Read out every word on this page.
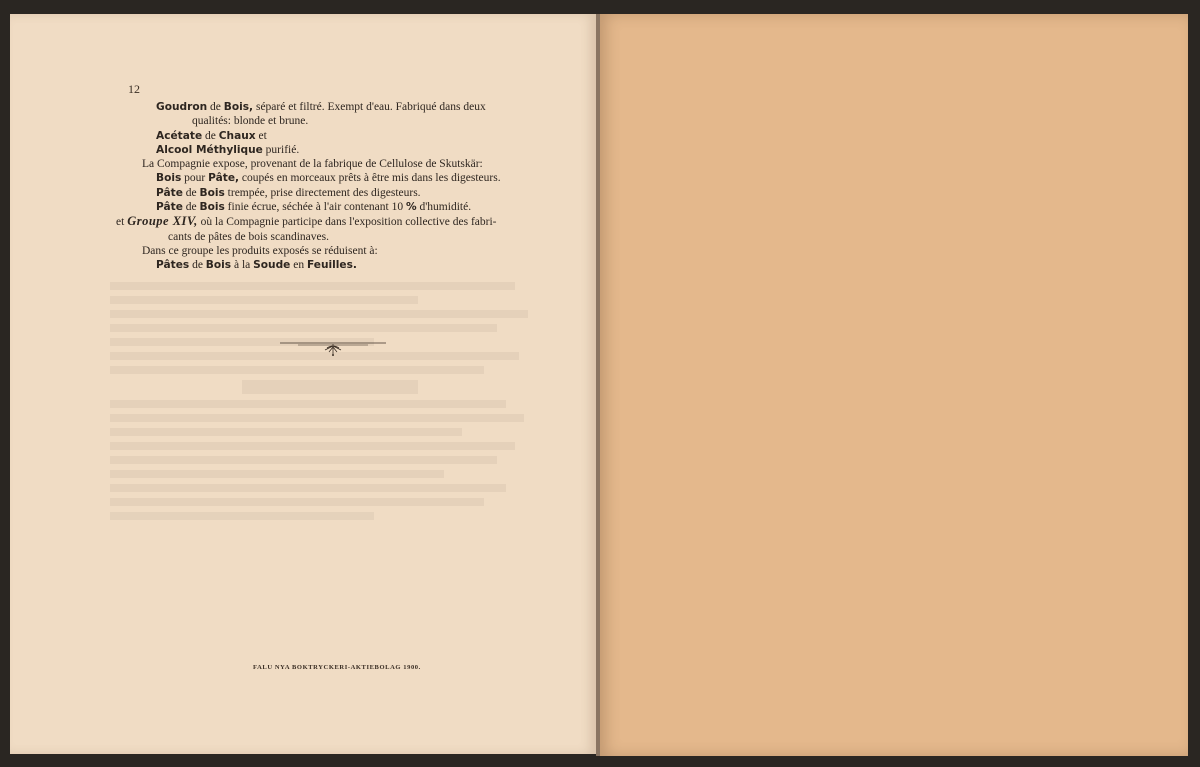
12
Goudron de Bois, séparé et filtré. Exempt d'eau. Fabriqué dans deux
qualités: blonde et brune.
Acétate de Chaux et
Alcool Méthylique purifié.
La Compagnie expose, provenant de la fabrique de Cellulose de Skutskär:
Bois pour Pâte, coupés en morceaux prêts à être mis dans les digesteurs.
Pâte de Bois trempée, prise directement des digesteurs.
Pâte de Bois finie écrue, séchée à l'air contenant 10 % d'humidité.
et Groupe XIV, où la Compagnie participe dans l'exposition collective des fabri-
cants de pâtes de bois scandinaves.
Dans ce groupe les produits exposés se réduisent à:
Pâtes de Bois à la Soude en Feuilles.
FALU NYA BOKTRYCKERI-AKTIEBOLAG 1900.
